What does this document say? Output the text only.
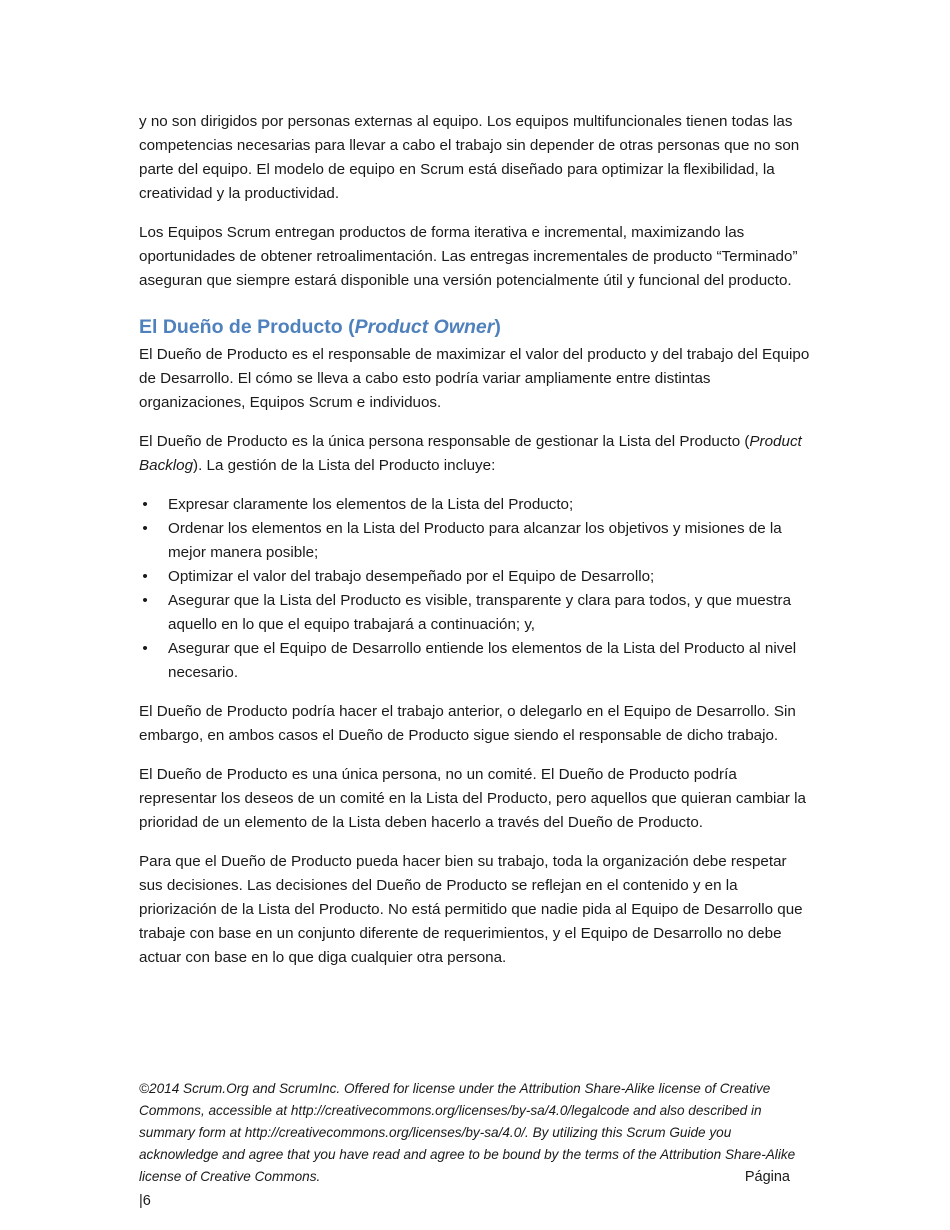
y no son dirigidos por personas externas al equipo. Los equipos multifuncionales tienen todas las competencias necesarias para llevar a cabo el trabajo sin depender de otras personas que no son parte del equipo. El modelo de equipo en Scrum está diseñado para optimizar la flexibilidad, la creatividad y la productividad.

Los Equipos Scrum entregan productos de forma iterativa e incremental, maximizando las oportunidades de obtener retroalimentación. Las entregas incrementales de producto “Terminado” aseguran que siempre estará disponible una versión potencialmente útil y funcional del producto.

El Dueño de Producto (Product Owner)

El Dueño de Producto es el responsable de maximizar el valor del producto y del trabajo del Equipo de Desarrollo. El cómo se lleva a cabo esto podría variar ampliamente entre distintas organizaciones, Equipos Scrum e individuos.

El Dueño de Producto es la única persona responsable de gestionar la Lista del Producto (Product Backlog). La gestión de la Lista del Producto incluye:

• Expresar claramente los elementos de la Lista del Producto;
• Ordenar los elementos en la Lista del Producto para alcanzar los objetivos y misiones de la mejor manera posible;
• Optimizar el valor del trabajo desempeñado por el Equipo de Desarrollo;
• Asegurar que la Lista del Producto es visible, transparente y clara para todos, y que muestra aquello en lo que el equipo trabajará a continuación; y,
• Asegurar que el Equipo de Desarrollo entiende los elementos de la Lista del Producto al nivel necesario.

El Dueño de Producto podría hacer el trabajo anterior, o delegarlo en el Equipo de Desarrollo. Sin embargo, en ambos casos el Dueño de Producto sigue siendo el responsable de dicho trabajo.

El Dueño de Producto es una única persona, no un comité. El Dueño de Producto podría representar los deseos de un comité en la Lista del Producto, pero aquellos que quieran cambiar la prioridad de un elemento de la Lista deben hacerlo a través del Dueño de Producto.

Para que el Dueño de Producto pueda hacer bien su trabajo, toda la organización debe respetar sus decisiones. Las decisiones del Dueño de Producto se reflejan en el contenido y en la priorización de la Lista del Producto. No está permitido que nadie pida al Equipo de Desarrollo que trabaje con base en un conjunto diferente de requerimientos, y el Equipo de Desarrollo no debe actuar con base en lo que diga cualquier otra persona.

©2014 Scrum.Org and ScrumInc. Offered for license under the Attribution Share-Alike license of Creative Commons, accessible at http://creativecommons.org/licenses/by-sa/4.0/legalcode and also described in summary form at http://creativecommons.org/licenses/by-sa/4.0/. By utilizing this Scrum Guide you acknowledge and agree that you have read and agree to be bound by the terms of the Attribution Share-Alike license of Creative Commons.	Página
|6
